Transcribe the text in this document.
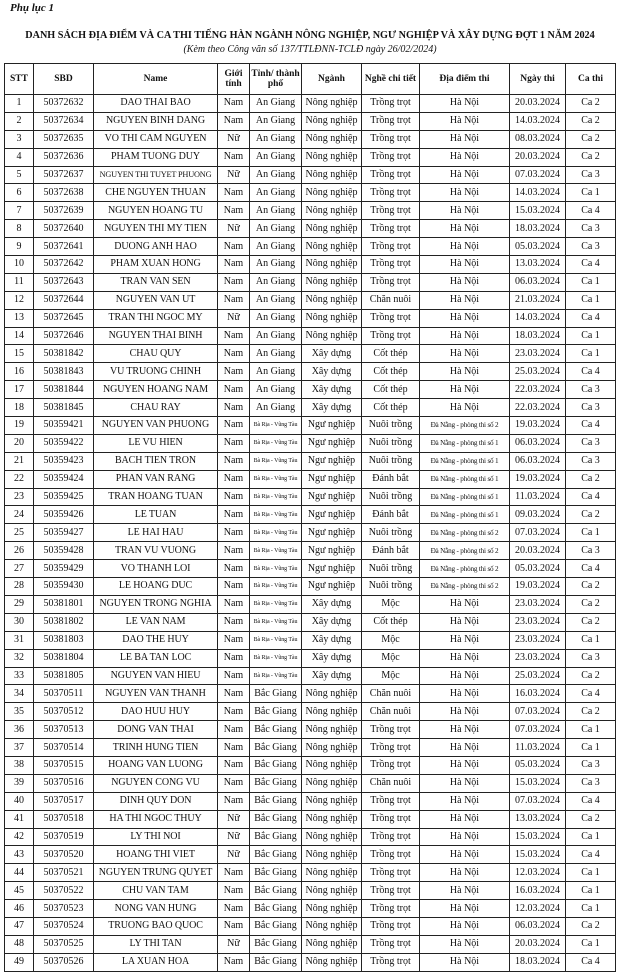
Phụ lục 1
DANH SÁCH ĐỊA ĐIỂM VÀ CA THI TIẾNG HÀN NGÀNH NÔNG NGHIỆP, NGƯ NGHIỆP VÀ XÂY DỰNG ĐỢT 1 NĂM 2024
(Kèm theo Công văn số 137/TTLĐNN-TCLĐ ngày 26/02/2024)
STT	SBD	Name	Giới tính	Tỉnh/ thành phố	Ngành	Nghề chi tiết	Địa điểm thi	Ngày thi	Ca thi
1	50372632	DAO THAI BAO	Nam	An Giang	Nông nghiệp	Trồng trọt	Hà Nội	20.03.2024	Ca 2
2	50372634	NGUYEN BINH DANG	Nam	An Giang	Nông nghiệp	Trồng trọt	Hà Nội	14.03.2024	Ca 2
3	50372635	VO THI CAM NGUYEN	Nữ	An Giang	Nông nghiệp	Trồng trọt	Hà Nội	08.03.2024	Ca 2
4	50372636	PHAM TUONG DUY	Nam	An Giang	Nông nghiệp	Trồng trọt	Hà Nội	20.03.2024	Ca 2
5	50372637	NGUYEN THI TUYET PHUONG	Nữ	An Giang	Nông nghiệp	Trồng trọt	Hà Nội	07.03.2024	Ca 3
6	50372638	CHE NGUYEN THUAN	Nam	An Giang	Nông nghiệp	Trồng trọt	Hà Nội	14.03.2024	Ca 1
7	50372639	NGUYEN HOANG TU	Nam	An Giang	Nông nghiệp	Trồng trọt	Hà Nội	15.03.2024	Ca 4
8	50372640	NGUYEN THI MY TIEN	Nữ	An Giang	Nông nghiệp	Trồng trọt	Hà Nội	18.03.2024	Ca 3
9	50372641	DUONG ANH HAO	Nam	An Giang	Nông nghiệp	Trồng trọt	Hà Nội	05.03.2024	Ca 3
10	50372642	PHAM XUAN HONG	Nam	An Giang	Nông nghiệp	Trồng trọt	Hà Nội	13.03.2024	Ca 4
11	50372643	TRAN VAN SEN	Nam	An Giang	Nông nghiệp	Trồng trọt	Hà Nội	06.03.2024	Ca 1
12	50372644	NGUYEN VAN UT	Nam	An Giang	Nông nghiệp	Chăn nuôi	Hà Nội	21.03.2024	Ca 1
13	50372645	TRAN THI NGOC MY	Nữ	An Giang	Nông nghiệp	Trồng trọt	Hà Nội	14.03.2024	Ca 4
14	50372646	NGUYEN THAI BINH	Nam	An Giang	Nông nghiệp	Trồng trọt	Hà Nội	18.03.2024	Ca 1
15	50381842	CHAU QUY	Nam	An Giang	Xây dựng	Cốt thép	Hà Nội	23.03.2024	Ca 1
16	50381843	VU TRUONG CHINH	Nam	An Giang	Xây dựng	Cốt thép	Hà Nội	25.03.2024	Ca 4
17	50381844	NGUYEN HOANG NAM	Nam	An Giang	Xây dựng	Cốt thép	Hà Nội	22.03.2024	Ca 3
18	50381845	CHAU RAY	Nam	An Giang	Xây dựng	Cốt thép	Hà Nội	22.03.2024	Ca 3
19	50359421	NGUYEN VAN PHUONG	Nam	Bà Rịa - Vũng Tàu	Ngư nghiệp	Nuôi trồng	Đà Nẵng - phòng thi số 2	19.03.2024	Ca 4
20	50359422	LE VU HIEN	Nam	Bà Rịa - Vũng Tàu	Ngư nghiệp	Nuôi trồng	Đà Nẵng - phòng thi số 1	06.03.2024	Ca 3
21	50359423	BACH TIEN TRON	Nam	Bà Rịa - Vũng Tàu	Ngư nghiệp	Nuôi trồng	Đà Nẵng - phòng thi số 1	06.03.2024	Ca 3
22	50359424	PHAN VAN RANG	Nam	Bà Rịa - Vũng Tàu	Ngư nghiệp	Đánh bắt	Đà Nẵng - phòng thi số 1	19.03.2024	Ca 2
23	50359425	TRAN HOANG TUAN	Nam	Bà Rịa - Vũng Tàu	Ngư nghiệp	Nuôi trồng	Đà Nẵng - phòng thi số 1	11.03.2024	Ca 4
24	50359426	LE TUAN	Nam	Bà Rịa - Vũng Tàu	Ngư nghiệp	Đánh bắt	Đà Nẵng - phòng thi số 1	09.03.2024	Ca 2
25	50359427	LE HAI HAU	Nam	Bà Rịa - Vũng Tàu	Ngư nghiệp	Nuôi trồng	Đà Nẵng - phòng thi số 2	07.03.2024	Ca 1
26	50359428	TRAN VU VUONG	Nam	Bà Rịa - Vũng Tàu	Ngư nghiệp	Đánh bắt	Đà Nẵng - phòng thi số 2	20.03.2024	Ca 3
27	50359429	VO THANH LOI	Nam	Bà Rịa - Vũng Tàu	Ngư nghiệp	Nuôi trồng	Đà Nẵng - phòng thi số 2	05.03.2024	Ca 4
28	50359430	LE HOANG DUC	Nam	Bà Rịa - Vũng Tàu	Ngư nghiệp	Nuôi trồng	Đà Nẵng - phòng thi số 2	19.03.2024	Ca 2
29	50381801	NGUYEN TRONG NGHIA	Nam	Bà Rịa - Vũng Tàu	Xây dựng	Mộc	Hà Nội	23.03.2024	Ca 2
30	50381802	LE VAN NAM	Nam	Bà Rịa - Vũng Tàu	Xây dựng	Cốt thép	Hà Nội	23.03.2024	Ca 2
31	50381803	DAO THE HUY	Nam	Bà Rịa - Vũng Tàu	Xây dựng	Mộc	Hà Nội	23.03.2024	Ca 1
32	50381804	LE BA TAN LOC	Nam	Bà Rịa - Vũng Tàu	Xây dựng	Mộc	Hà Nội	23.03.2024	Ca 3
33	50381805	NGUYEN VAN HIEU	Nam	Bà Rịa - Vũng Tàu	Xây dựng	Mộc	Hà Nội	25.03.2024	Ca 2
34	50370511	NGUYEN VAN THANH	Nam	Bắc Giang	Nông nghiệp	Chăn nuôi	Hà Nội	16.03.2024	Ca 4
35	50370512	DAO HUU HUY	Nam	Bắc Giang	Nông nghiệp	Chăn nuôi	Hà Nội	07.03.2024	Ca 2
36	50370513	DONG VAN THAI	Nam	Bắc Giang	Nông nghiệp	Trồng trọt	Hà Nội	07.03.2024	Ca 1
37	50370514	TRINH HUNG TIEN	Nam	Bắc Giang	Nông nghiệp	Trồng trọt	Hà Nội	11.03.2024	Ca 1
38	50370515	HOANG VAN LUONG	Nam	Bắc Giang	Nông nghiệp	Trồng trọt	Hà Nội	05.03.2024	Ca 3
39	50370516	NGUYEN CONG VU	Nam	Bắc Giang	Nông nghiệp	Chăn nuôi	Hà Nội	15.03.2024	Ca 3
40	50370517	DINH QUY DON	Nam	Bắc Giang	Nông nghiệp	Trồng trọt	Hà Nội	07.03.2024	Ca 4
41	50370518	HA THI NGOC THUY	Nữ	Bắc Giang	Nông nghiệp	Trồng trọt	Hà Nội	13.03.2024	Ca 2
42	50370519	LY THI NOI	Nữ	Bắc Giang	Nông nghiệp	Trồng trọt	Hà Nội	15.03.2024	Ca 1
43	50370520	HOANG THI VIET	Nữ	Bắc Giang	Nông nghiệp	Trồng trọt	Hà Nội	15.03.2024	Ca 4
44	50370521	NGUYEN TRUNG QUYET	Nam	Bắc Giang	Nông nghiệp	Trồng trọt	Hà Nội	12.03.2024	Ca 1
45	50370522	CHU VAN TAM	Nam	Bắc Giang	Nông nghiệp	Trồng trọt	Hà Nội	16.03.2024	Ca 1
46	50370523	NONG VAN HUNG	Nam	Bắc Giang	Nông nghiệp	Trồng trọt	Hà Nội	12.03.2024	Ca 1
47	50370524	TRUONG BAO QUOC	Nam	Bắc Giang	Nông nghiệp	Trồng trọt	Hà Nội	06.03.2024	Ca 2
48	50370525	LY THI TAN	Nữ	Bắc Giang	Nông nghiệp	Trồng trọt	Hà Nội	20.03.2024	Ca 1
49	50370526	LA XUAN HOA	Nam	Bắc Giang	Nông nghiệp	Trồng trọt	Hà Nội	18.03.2024	Ca 4
